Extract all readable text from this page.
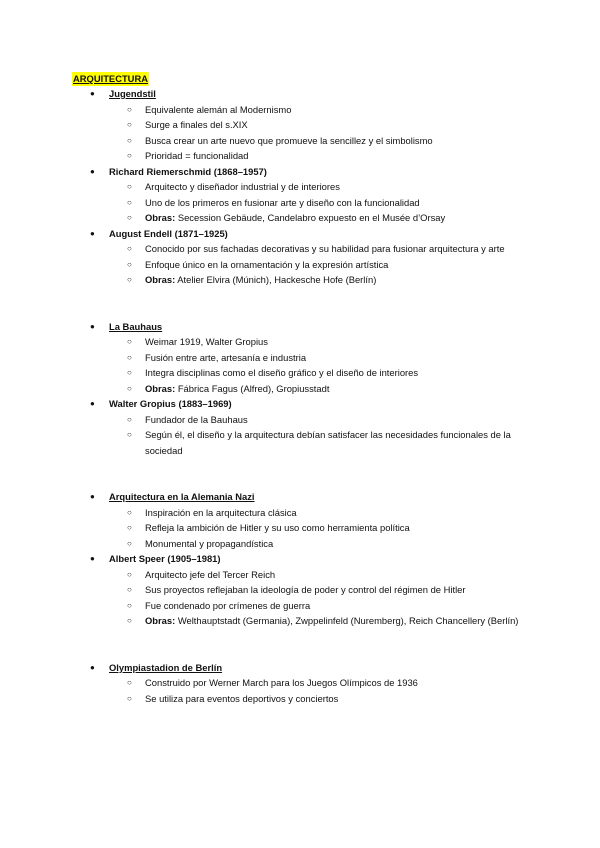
ARQUITECTURA
● Jugendstil
○ Equivalente alemán al Modernismo
○ Surge a finales del s.XIX
○ Busca crear un arte nuevo que promueve la sencillez y el simbolismo
○ Prioridad = funcionalidad
● Richard Riemerschmid (1868–1957)
○ Arquitecto y diseñador industrial y de interiores
○ Uno de los primeros en fusionar arte y diseño con la funcionalidad
○ Obras: Secession Gebäude, Candelabro expuesto en el Musée d’Orsay
● August Endell (1871–1925)
○ Conocido por sus fachadas decorativas y su habilidad para fusionar arquitectura y arte
○ Enfoque único en la ornamentación y la expresión artística
○ Obras: Atelier Elvira (Múnich), Hackesche Hofe (Berlín)
● La Bauhaus
○ Weimar 1919, Walter Gropius
○ Fusión entre arte, artesanía e industria
○ Integra disciplinas como el diseño gráfico y el diseño de interiores
○ Obras: Fábrica Fagus (Alfred), Gropiusstadt
● Walter Gropius (1883–1969)
○ Fundador de la Bauhaus
○ Según él, el diseño y la arquitectura debían satisfacer las necesidades funcionales de la sociedad
● Arquitectura en la Alemania Nazi
○ Inspiración en la arquitectura clásica
○ Refleja la ambición de Hitler y su uso como herramienta política
○ Monumental y propagandística
● Albert Speer (1905–1981)
○ Arquitecto jefe del Tercer Reich
○ Sus proyectos reflejaban la ideología de poder y control del régimen de Hitler
○ Fue condenado por crímenes de guerra
○ Obras: Welthauptstadt (Germania), Zwppelinfeld (Nuremberg), Reich Chancellery (Berlín)
● Olympiastadion de Berlín
○ Construido por Werner March para los Juegos Olímpicos de 1936
○ Se utiliza para eventos deportivos y conciertos
